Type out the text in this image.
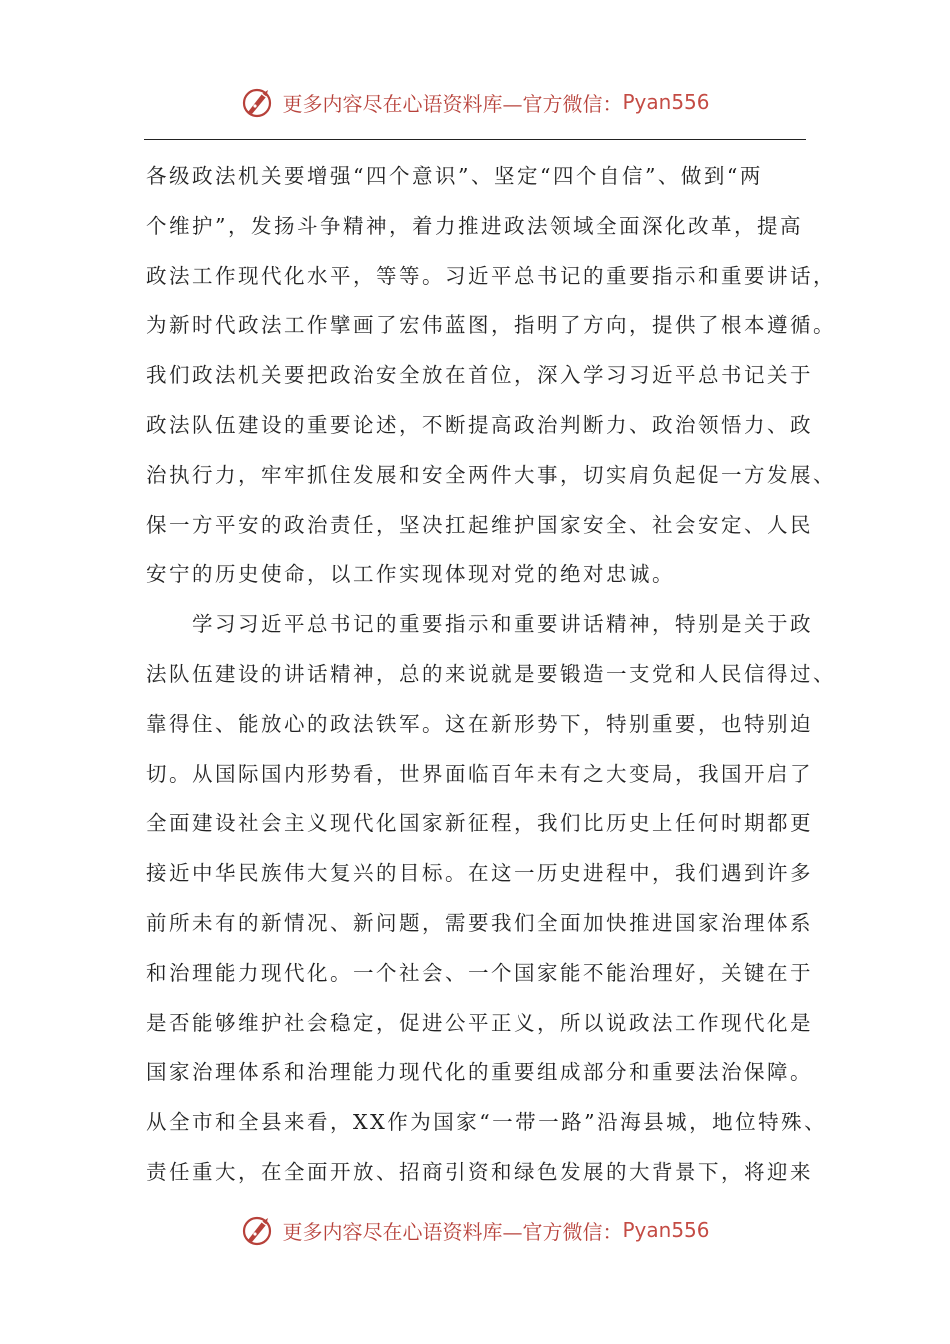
更多内容尽在心语资料库—官方微信： Pyan556
各级政法机关要增强“四个意识”、坚定“四个自信”、做到“两
个维护”，发扬斗争精神，着力推进政法领域全面深化改革，提高
政法工作现代化水平，等等。习近平总书记的重要指示和重要讲话，
为新时代政法工作擘画了宏伟蓝图，指明了方向，提供了根本遵循。
我们政法机关要把政治安全放在首位，深入学习习近平总书记关于
政法队伍建设的重要论述，不断提高政治判断力、政治领悟力、政
治执行力，牢牢抓住发展和安全两件大事，切实肩负起促一方发展、
保一方平安的政治责任，坚决扛起维护国家安全、社会安定、人民
安宁的历史使命，以工作实现体现对党的绝对忠诚。
　　学习习近平总书记的重要指示和重要讲话精神，特别是关于政
法队伍建设的讲话精神，总的来说就是要锻造一支党和人民信得过、
靠得住、能放心的政法铁军。这在新形势下，特别重要，也特别迫
切。从国际国内形势看，世界面临百年未有之大变局，我国开启了
全面建设社会主义现代化国家新征程，我们比历史上任何时期都更
接近中华民族伟大复兴的目标。在这一历史进程中，我们遇到许多
前所未有的新情况、新问题，需要我们全面加快推进国家治理体系
和治理能力现代化。一个社会、一个国家能不能治理好，关键在于
是否能够维护社会稳定，促进公平正义，所以说政法工作现代化是
国家治理体系和治理能力现代化的重要组成部分和重要法治保障。
从全市和全县来看，XX作为国家“一带一路”沿海县城，地位特殊、
责任重大，在全面开放、招商引资和绿色发展的大背景下，将迎来
更多内容尽在心语资料库—官方微信： Pyan556
